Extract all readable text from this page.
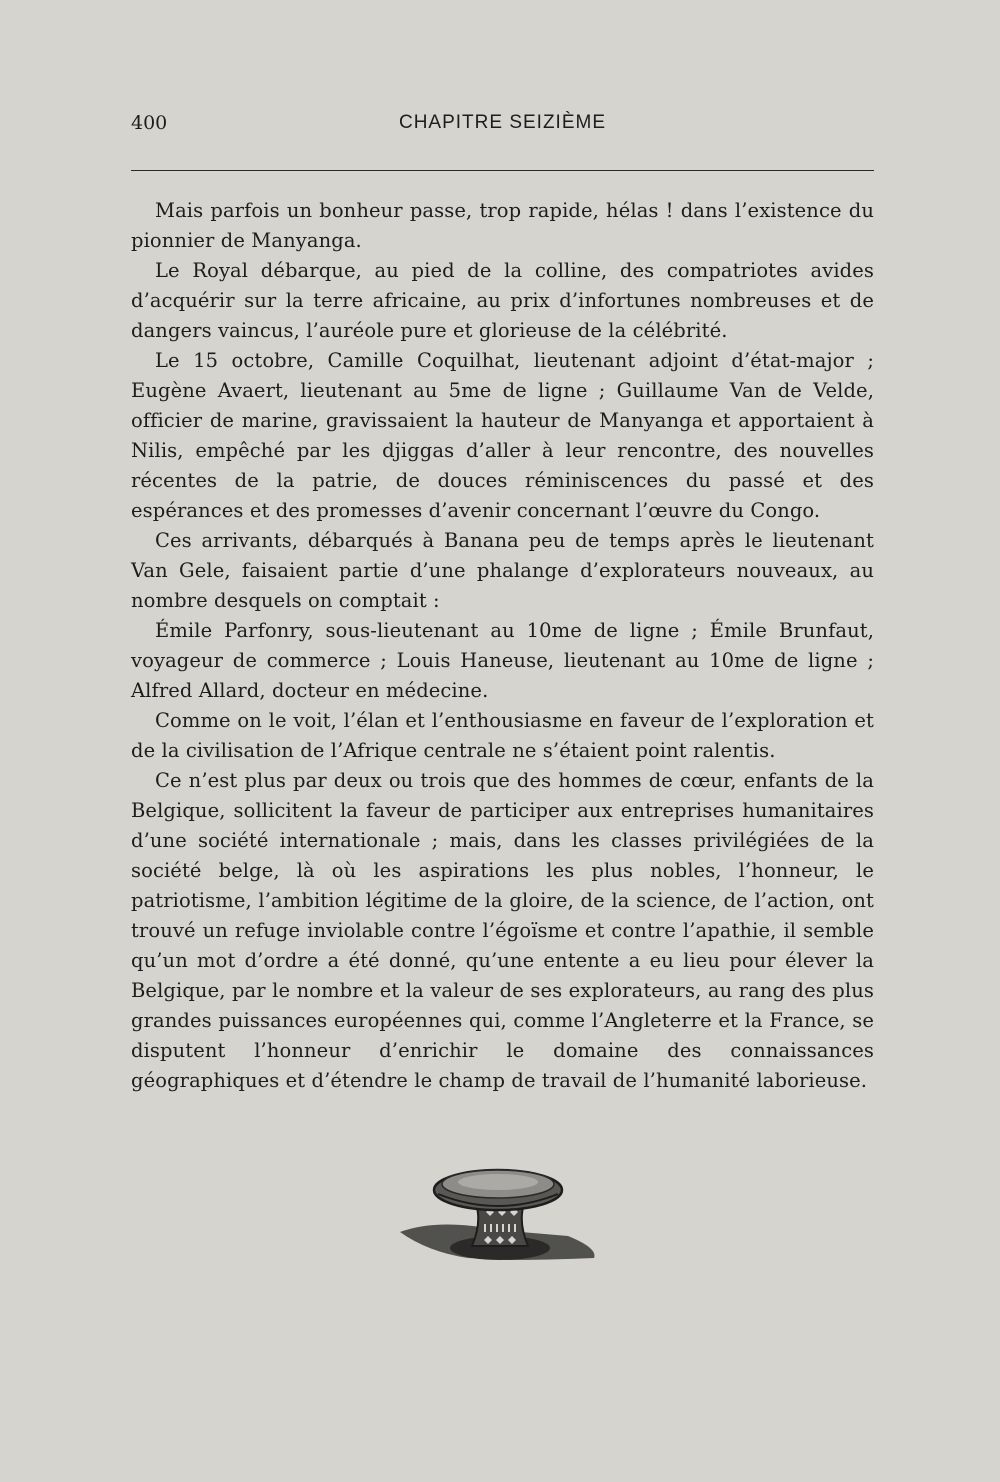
400	CHAPITRE SEIZIÈME

Mais parfois un bonheur passe, trop rapide, hélas ! dans l’existence du pionnier de Manyanga.

Le Royal débarque, au pied de la colline, des compatriotes avides d’acquérir sur la terre africaine, au prix d’infortunes nombreuses et de dangers vaincus, l’auréole pure et glorieuse de la célébrité.

Le 15 octobre, Camille Coquilhat, lieutenant adjoint d’état-major ; Eugène Avaert, lieutenant au 5me de ligne ; Guillaume Van de Velde, officier de marine, gravissaient la hauteur de Manyanga et apportaient à Nilis, empêché par les djiggas d’aller à leur rencontre, des nouvelles récentes de la patrie, de douces réminiscences du passé et des espérances et des promesses d’avenir concernant l’œuvre du Congo.

Ces arrivants, débarqués à Banana peu de temps après le lieutenant Van Gele, faisaient partie d’une phalange d’explorateurs nouveaux, au nombre desquels on comptait :

Émile Parfonry, sous-lieutenant au 10me de ligne ; Émile Brunfaut, voyageur de commerce ; Louis Haneuse, lieutenant au 10me de ligne ; Alfred Allard, docteur en médecine.

Comme on le voit, l’élan et l’enthousiasme en faveur de l’exploration et de la civilisation de l’Afrique centrale ne s’étaient point ralentis.

Ce n’est plus par deux ou trois que des hommes de cœur, enfants de la Belgique, sollicitent la faveur de participer aux entreprises humanitaires d’une société internationale ; mais, dans les classes privilégiées de la société belge, là où les aspirations les plus nobles, l’honneur, le patriotisme, l’ambition légitime de la gloire, de la science, de l’action, ont trouvé un refuge inviolable contre l’égoïsme et contre l’apathie, il semble qu’un mot d’ordre a été donné, qu’une entente a eu lieu pour élever la Belgique, par le nombre et la valeur de ses explorateurs, au rang des plus grandes puissances européennes qui, comme l’Angleterre et la France, se disputent l’honneur d’enrichir le domaine des connaissances géographiques et d’étendre le champ de travail de l’humanité laborieuse.
